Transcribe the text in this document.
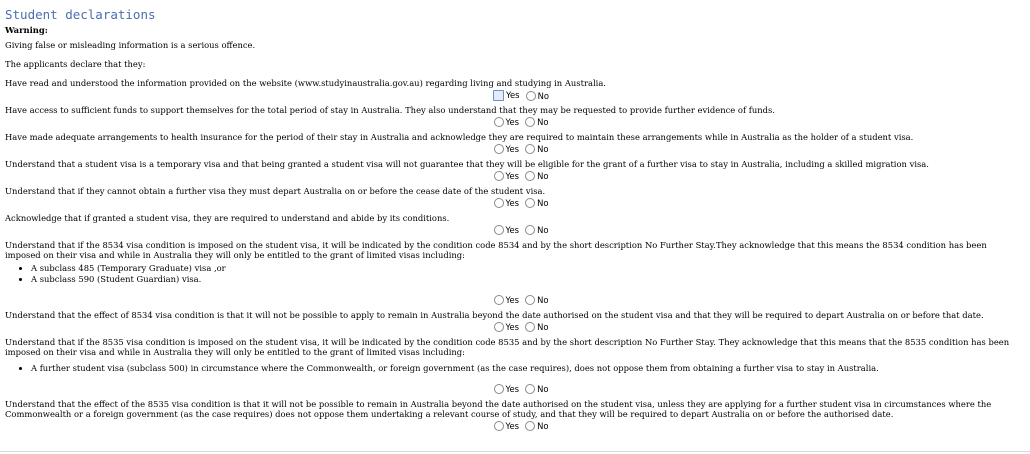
Student declarations
Warning:

Giving false or misleading information is a serious offence.

The applicants declare that they:

Have read and understood the information provided on the website (www.studyinaustralia.gov.au) regarding living and studying in Australia.

Yes No

Have access to sufficient funds to support themselves for the total period of stay in Australia. They also understand that they may be requested to provide further evidence of funds.

Yes No

Have made adequate arrangements to health insurance for the period of their stay in Australia and acknowledge they are required to maintain these arrangements while in Australia as the holder of a student visa.

Yes No

Understand that a student visa is a temporary visa and that being granted a student visa will not guarantee that they will be eligible for the grant of a further visa to stay in Australia, including a skilled migration visa.

Yes No

Understand that if they cannot obtain a further visa they must depart Australia on or before the cease date of the student visa.

Yes No

Acknowledge that if granted a student visa, they are required to understand and abide by its conditions.

Yes No

Understand that if the 8534 visa condition is imposed on the student visa, it will be indicated by the condition code 8534 and by the short description No Further Stay.They acknowledge that this means the 8534 condition has been imposed on their visa and while in Australia they will only be entitled to the grant of limited visas including:

• A subclass 485 (Temporary Graduate) visa ,or
• A subclass 590 (Student Guardian) visa.
Yes No

Understand that the effect of 8534 visa condition is that it will not be possible to apply to remain in Australia beyond the date authorised on the student visa and that they will be required to depart Australia on or before that date.

Yes No

Understand that if the 8535 visa condition is imposed on the student visa, it will be indicated by the condition code 8535 and by the short description No Further Stay. They acknowledge that this means that the 8535 condition has been imposed on their visa and while in Australia they will only be entitled to the grant of limited visas including:

• A further student visa (subclass 500) in circumstance where the Commonwealth, or foreign government (as the case requires), does not oppose them from obtaining a further visa to stay in Australia.
Yes No

Understand that the effect of the 8535 visa condition is that it will not be possible to remain in Australia beyond the date authorised on the student visa, unless they are applying for a further student visa in circumstances where the Commonwealth or a foreign government (as the case requires) does not oppose them undertaking a relevant course of study, and that they will be required to depart Australia on or before the authorised date.

Yes No
